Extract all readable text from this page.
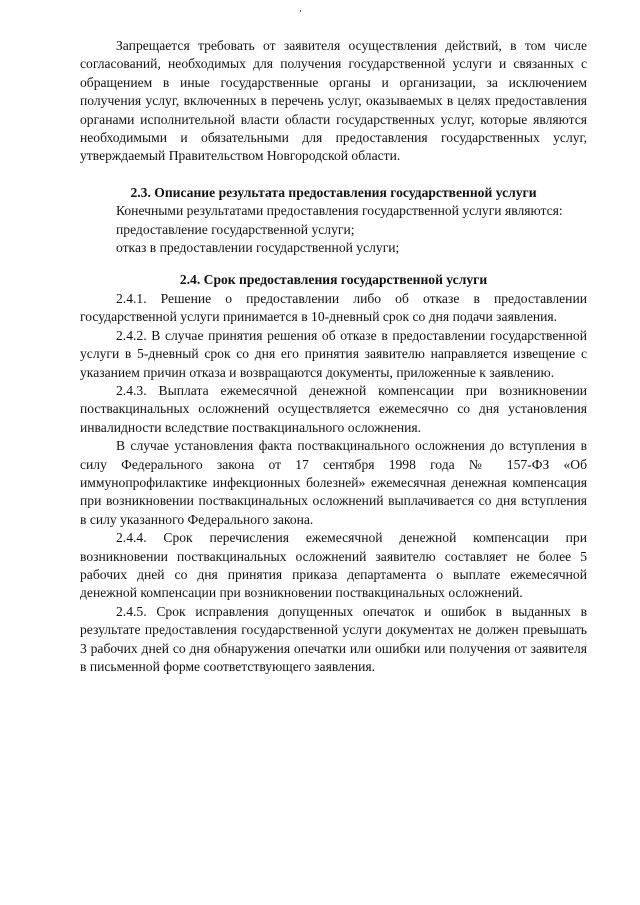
Запрещается требовать от заявителя осуществления действий, в том числе согласований, необходимых для получения государственной услуги и связанных с обращением в иные государственные органы и организации, за исключением получения услуг, включенных в перечень услуг, оказываемых в целях предоставления органами исполнительной власти области государственных услуг, которые являются необходимыми и обязательными для предоставления государственных услуг, утверждаемый Правительством Новгородской области.

2.3. Описание результата предоставления государственной услуги

Конечными результатами предоставления государственной услуги являются:

предоставление государственной услуги;

отказ в предоставлении государственной услуги;

2.4. Срок предоставления государственной услуги

2.4.1. Решение о предоставлении либо об отказе в предоставлении государственной услуги принимается в 10-дневный срок со дня подачи заявления.

2.4.2. В случае принятия решения об отказе в предоставлении государственной услуги в 5-дневный срок со дня его принятия заявителю направляется извещение с указанием причин отказа и возвращаются документы, приложенные к заявлению.

2.4.3. Выплата ежемесячной денежной компенсации при возникновении поствакцинальных осложнений осуществляется ежемесячно со дня установления инвалидности вследствие поствакцинального осложнения.

В случае установления факта поствакцинального осложнения до вступления в силу Федерального закона от 17 сентября 1998 года № 157-ФЗ «Об иммунопрофилактике инфекционных болезней» ежемесячная денежная компенсация при возникновении поствакцинальных осложнений выплачивается со дня вступления в силу указанного Федерального закона.

2.4.4. Срок перечисления ежемесячной денежной компенсации при возникновении поствакцинальных осложнений заявителю составляет не более 5 рабочих дней со дня принятия приказа департамента о выплате ежемесячной денежной компенсации при возникновении поствакцинальных осложнений.

2.4.5. Срок исправления допущенных опечаток и ошибок в выданных в результате предоставления государственной услуги документах не должен превышать 3 рабочих дней со дня обнаружения опечатки или ошибки или получения от заявителя в письменной форме соответствующего заявления.
